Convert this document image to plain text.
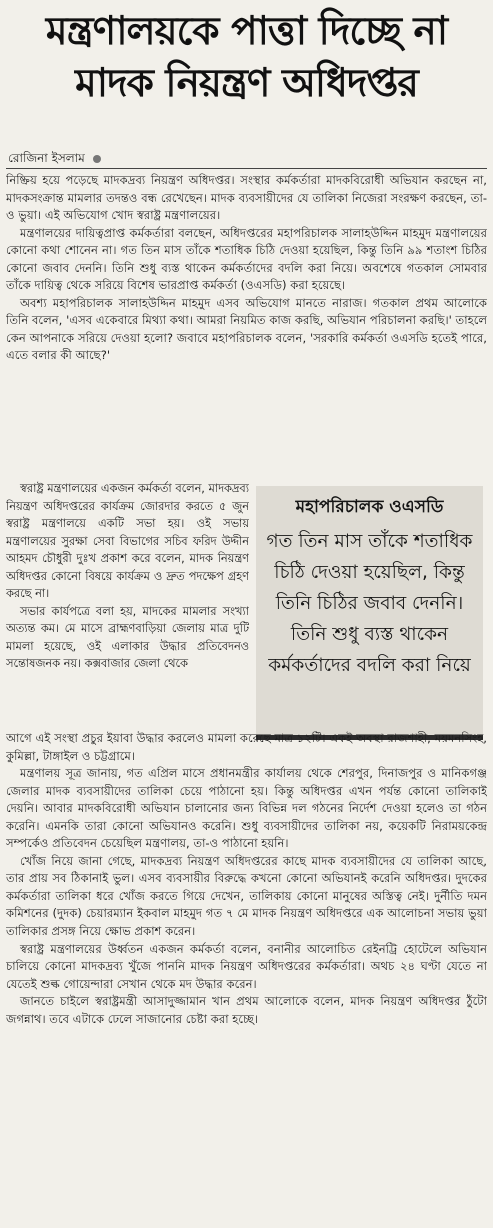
মন্ত্রণালয়কে পাত্তা দিচ্ছে না
মাদক নিয়ন্ত্রণ অধিদপ্তর
রোজিনা ইসলাম

নিষ্ক্রিয় হয়ে পড়েছে মাদকদ্রব্য নিয়ন্ত্রণ অধিদপ্তর। সংস্থার কর্মকর্তারা মাদকবিরোধী অভিযান করছেন না, মাদকসংক্রান্ত মামলার তদন্তও বন্ধ রেখেছেন। মাদক ব্যবসায়ীদের যে তালিকা নিজেরা সংরক্ষণ করছেন, তা-ও ভুয়া। এই অভিযোগ খোদ স্বরাষ্ট্র মন্ত্রণালয়ের।

মন্ত্রণালয়ের দায়িত্বপ্রাপ্ত কর্মকর্তারা বলছেন, অধিদপ্তরের মহাপরিচালক সালাহউদ্দিন মাহমুদ মন্ত্রণালয়ের কোনো কথা শোনেন না। গত তিন মাস তাঁকে শতাধিক চিঠি দেওয়া হয়েছিল, কিন্তু তিনি ৯৯ শতাংশ চিঠির কোনো জবাব দেননি। তিনি শুধু ব্যস্ত থাকেন কর্মকর্তাদের বদলি করা নিয়ে। অবশেষে গতকাল সোমবার তাঁকে দায়িত্ব থেকে সরিয়ে বিশেষ ভারপ্রাপ্ত কর্মকর্তা (ওএসডি) করা হয়েছে।

অবশ্য মহাপরিচালক সালাহউদ্দিন মাহমুদ এসব অভিযোগ মানতে নারাজ। গতকাল প্রথম আলোকে তিনি বলেন, 'এসব একেবারে মিথ্যা কথা। আমরা নিয়মিত কাজ করছি, অভিযান পরিচালনা করছি।' তাহলে কেন আপনাকে সরিয়ে দেওয়া হলো? জবাবে মহাপরিচালক বলেন, 'সরকারি কর্মকর্তা ওএসডি হতেই পারে, এতে বলার কী আছে?'

স্বরাষ্ট্র মন্ত্রণালয়ের একজন কর্মকর্তা বলেন, মাদকদ্রব্য নিয়ন্ত্রণ অধিদপ্তরের কার্যক্রম জোরদার করতে ৫ জুন স্বরাষ্ট্র মন্ত্রণালয়ে একটি সভা হয়। ওই সভায় মন্ত্রণালয়ের সুরক্ষা সেবা বিভাগের সচিব ফরিদ উদ্দীন আহমদ চৌধুরী দুঃখ প্রকাশ করে বলেন, মাদক নিয়ন্ত্রণ অধিদপ্তর কোনো বিষয়ে কার্যক্রম ও দ্রুত পদক্ষেপ গ্রহণ করছে না।

সভার কার্যপত্রে বলা হয়, মাদকের মামলার সংখ্যা অত্যন্ত কম। মে মাসে ব্রাহ্মণবাড়িয়া জেলায় মাত্র দুটি মামলা হয়েছে, ওই এলাকার উদ্ধার প্রতিবেদনও সন্তোষজনক নয়। কক্সবাজার জেলা থেকে

মহাপরিচালক ওএসডি
গত তিন মাস তাঁকে শতাধিক চিঠি দেওয়া হয়েছিল, কিন্তু তিনি চিঠির জবাব দেননি। তিনি শুধু ব্যস্ত থাকেন কর্মকর্তাদের বদলি করা নিয়ে

আগে এই সংস্থা প্রচুর ইয়াবা উদ্ধার করলেও মামলা করেছে মাত্র ১২টি। একই অবস্থা রাজশাহী, ময়মনসিংহ, কুমিল্লা, টাঙ্গাইল ও চট্টগ্রামে।

মন্ত্রণালয় সূত্র জানায়, গত এপ্রিল মাসে প্রধানমন্ত্রীর কার্যালয় থেকে শেরপুর, দিনাজপুর ও মানিকগঞ্জ জেলার মাদক ব্যবসায়ীদের তালিকা চেয়ে পাঠানো হয়। কিন্তু অধিদপ্তর এখন পর্যন্ত কোনো তালিকাই দেয়নি। আবার মাদকবিরোধী অভিযান চালানোর জন্য বিভিন্ন দল গঠনের নির্দেশ দেওয়া হলেও তা গঠন করেনি। এমনকি তারা কোনো অভিযানও করেনি। শুধু ব্যবসায়ীদের তালিকা নয়, কয়েকটি নিরাময়কেন্দ্র সম্পর্কেও প্রতিবেদন চেয়েছিল মন্ত্রণালয়, তা-ও পাঠানো হয়নি।

খোঁজ নিয়ে জানা গেছে, মাদকদ্রব্য নিয়ন্ত্রণ অধিদপ্তরের কাছে মাদক ব্যবসায়ীদের যে তালিকা আছে, তার প্রায় সব ঠিকানাই ভুল। এসব ব্যবসায়ীর বিরুদ্ধে কখনো কোনো অভিযানই করেনি অধিদপ্তর। দুদকের কর্মকর্তারা তালিকা ধরে খোঁজ করতে গিয়ে দেখেন, তালিকায় কোনো মানুষের অস্তিত্ব নেই। দুর্নীতি দমন কমিশনের (দুদক) চেয়ারম্যান ইকবাল মাহমুদ গত ৭ মে মাদক নিয়ন্ত্রণ অধিদপ্তরে এক আলোচনা সভায় ভুয়া তালিকার প্রসঙ্গ নিয়ে ক্ষোভ প্রকাশ করেন।

স্বরাষ্ট্র মন্ত্রণালয়ের উর্ধ্বতন একজন কর্মকর্তা বলেন, বনানীর আলোচিত রেইনট্রি হোটেলে অভিযান চালিয়ে কোনো মাদকদ্রব্য খুঁজে পাননি মাদক নিয়ন্ত্রণ অধিদপ্তরের কর্মকর্তারা। অথচ ২৪ ঘণ্টা যেতে না যেতেই শুল্ক গোয়েন্দারা সেখান থেকে মদ উদ্ধার করেন।

জানতে চাইলে স্বরাষ্ট্রমন্ত্রী আসাদুজ্জামান খান প্রথম আলোকে বলেন, মাদক নিয়ন্ত্রণ অধিদপ্তর ঠুঁটো জগন্নাথ। তবে এটাকে ঢেলে সাজানোর চেষ্টা করা হচ্ছে।
